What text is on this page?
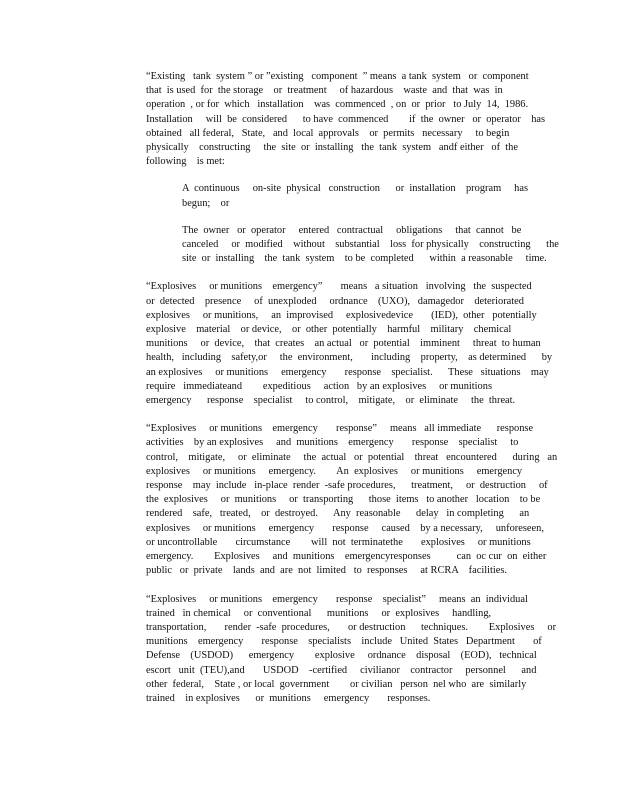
“Existing   tank  system ” or ”existing   component  ” means  a tank  system   or  component
that  is used  for  the storage    or  treatment     of hazardous    waste  and  that  was  in
operation  , or for  which   installation    was  commenced  , on  or  prior   to July  14,  1986.
Installation     will  be  considered      to have  commenced        if  the  owner   or  operator    has
obtained   all federal,   State,   and  local  approvals    or  permits   necessary     to begin
physically    constructing     the  site  or  installing   the  tank  system   andf either   of  the
following    is met:

A  continuous     on-site  physical   construction      or  installation    program     has
begun;    or

The  owner   or  operator     entered   contractual     obligations     that  cannot   be
canceled     or  modified    without    substantial    loss  for physically    constructing      the
site  or  installing    the  tank  system    to be  completed      within  a reasonable     time.

“Explosives     or munitions    emergency”       means   a situation   involving   the  suspected
or  detected    presence     of  unexploded     ordnance    (UXO),   damagedor    deteriorated
explosives     or munitions,     an  improvised     explosivedevice       (IED),  other   potentially
explosive    material    or device,    or  other  potentially    harmful    military    chemical
munitions     or  device,    that  creates    an actual   or  potential    imminent     threat  to human
health,   including    safety,or     the  environment,       including    property,    as determined      by
an explosives     or munitions     emergency       response    specialist.      These   situations    may
require   immediateand        expeditious     action   by an explosives     or munitions
emergency      response    specialist     to control,    mitigate,    or  eliminate     the  threat.

“Explosives     or munitions    emergency       response”     means   all immediate      response
activities    by an explosives     and  munitions    emergency       response    specialist     to
control,    mitigate,     or  eliminate     the  actual   or  potential    threat   encountered      during   an
explosives     or munitions     emergency.        An  explosives     or munitions     emergency
response    may  include   in-place  render  -safe procedures,      treatment,     or  destruction     of
the  explosives     or  munitions     or  transporting      those  items   to another   location    to be
rendered    safe,   treated,    or  destroyed.      Any  reasonable      delay   in completing      an
explosives     or munitions     emergency       response     caused    by a necessary,     unforeseen,
or uncontrollable       circumstance        will  not  terminatethe       explosives     or munitions
emergency.        Explosives     and  munitions    emergencyresponses          can  oc cur  on  either
public   or  private    lands  and  are  not  limited   to  responses     at RCRA    facilities.

“Explosives     or munitions    emergency       response    specialist”     means  an  individual
trained   in chemical     or  conventional      munitions     or  explosives     handling,
transportation,       render  -safe  procedures,       or destruction      techniques.        Explosives     or
munitions    emergency       response    specialists    include   United  States   Department       of
Defense    (USDOD)      emergency        explosive     ordnance    disposal    (EOD),   technical
escort   unit  (TEU),and       USDOD    -certified     civilianor    contractor     personnel      and
other  federal,    State , or local  government        or civilian   person  nel who  are  similarly
trained    in explosives      or  munitions     emergency       responses.
